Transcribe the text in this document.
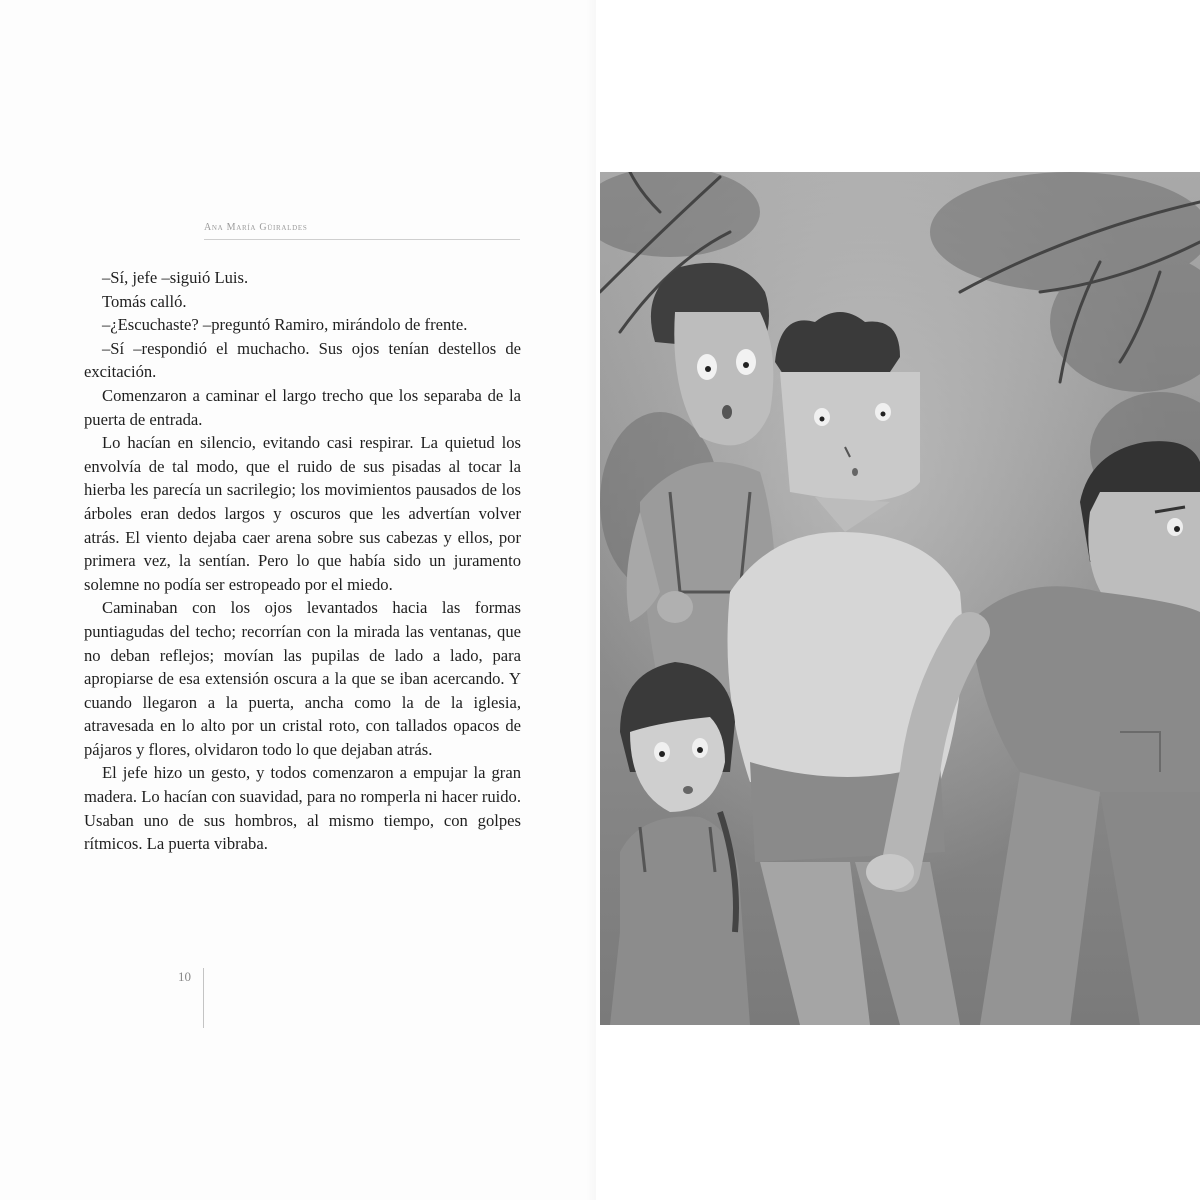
Ana María Güiraldes

–Sí, jefe –siguió Luis.

Tomás calló.

–¿Escuchaste? –preguntó Ramiro, mirándolo de frente.

–Sí –respondió el muchacho. Sus ojos tenían destellos de excitación.

Comenzaron a caminar el largo trecho que los separaba de la puerta de entrada.

Lo hacían en silencio, evitando casi respirar. La quietud los envolvía de tal modo, que el ruido de sus pisadas al tocar la hierba les parecía un sacrilegio; los movimientos pausados de los árboles eran dedos largos y oscuros que les advertían volver atrás. El viento dejaba caer arena sobre sus cabezas y ellos, por primera vez, la sentían. Pero lo que había sido un juramento solemne no podía ser estropeado por el miedo.

Caminaban con los ojos levantados hacia las formas puntiagudas del techo; recorrían con la mirada las ventanas, que no deban reflejos; movían las pupilas de lado a lado, para apropiarse de esa extensión oscura a la que se iban acercando. Y cuando llegaron a la puerta, ancha como la de la iglesia, atravesada en lo alto por un cristal roto, con tallados opacos de pájaros y flores, olvidaron todo lo que dejaban atrás.

El jefe hizo un gesto, y todos comenzaron a empujar la gran madera. Lo hacían con suavidad, para no romperla ni hacer ruido. Usaban uno de sus hombros, al mismo tiempo, con golpes rítmicos. La puerta vibraba.

10
